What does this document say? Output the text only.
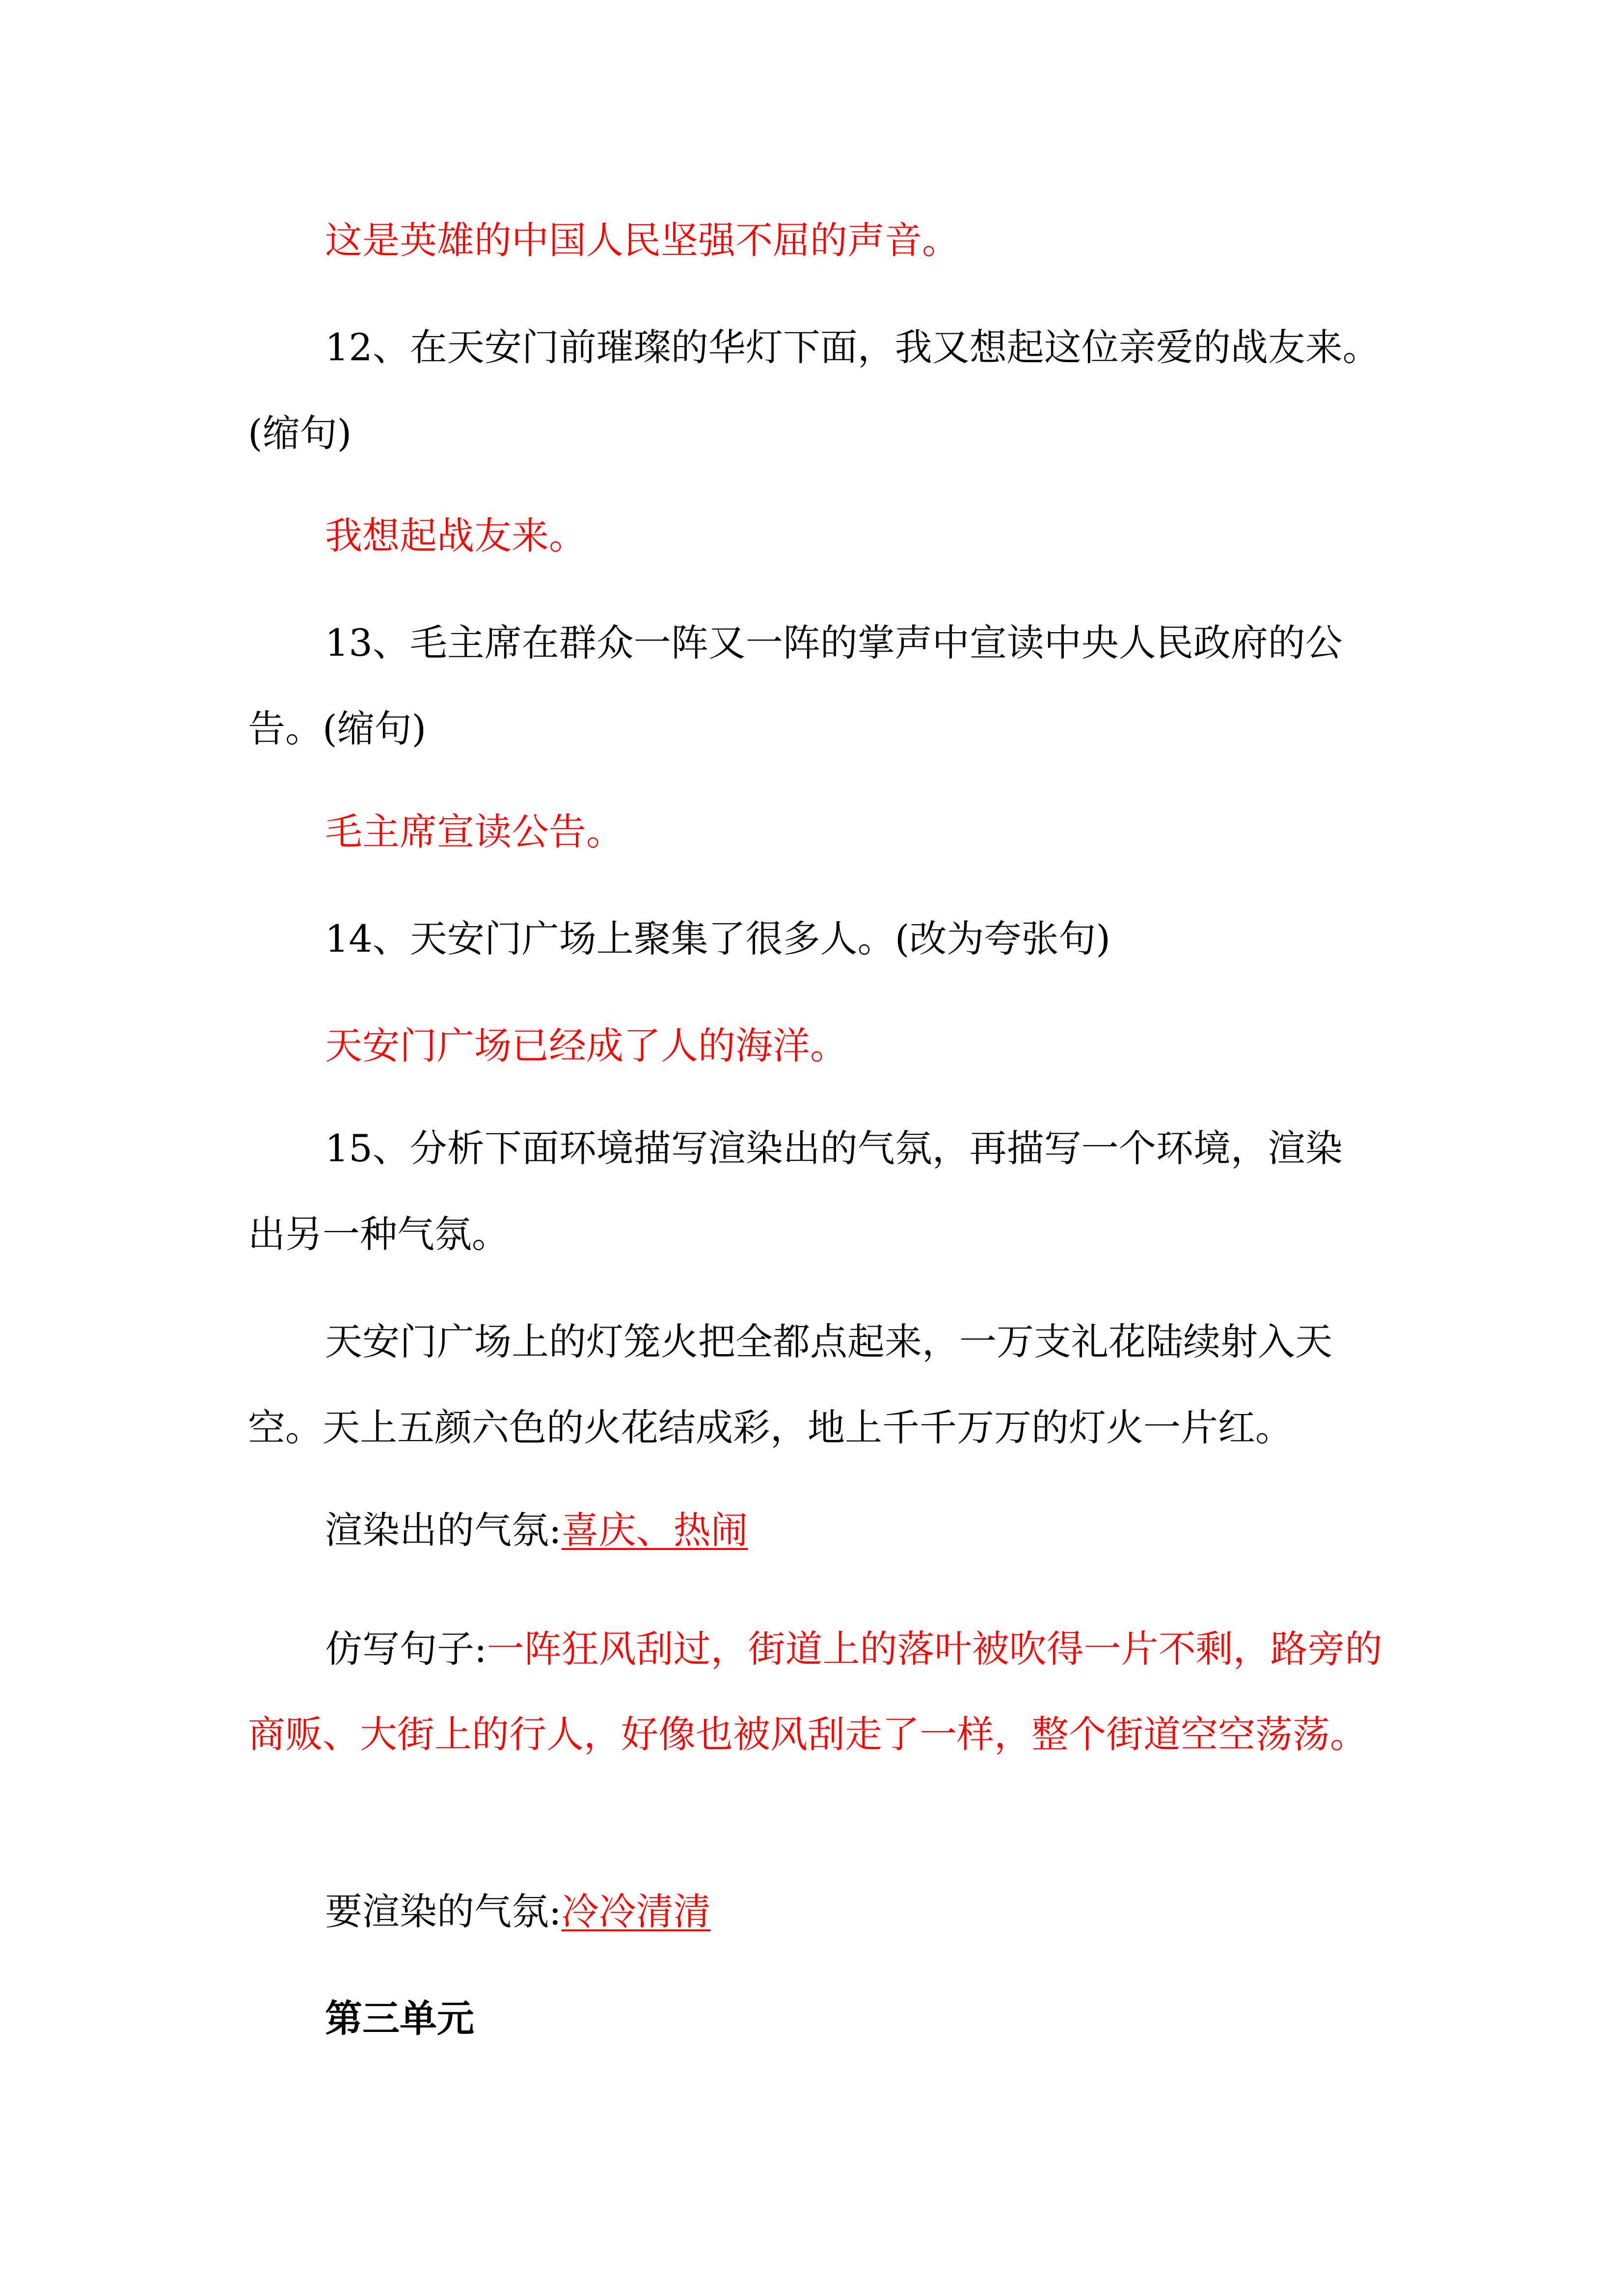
这是英雄的中国人民坚强不屈的声音。
12、在天安门前璀璨的华灯下面，我又想起这位亲爱的战友来。
(缩句)
我想起战友来。
13、毛主席在群众一阵又一阵的掌声中宣读中央人民政府的公
告。(缩句)
毛主席宣读公告。
14、天安门广场上聚集了很多人。(改为夸张句)
天安门广场已经成了人的海洋。
15、分析下面环境描写渲染出的气氛，再描写一个环境，渲染
出另一种气氛。
天安门广场上的灯笼火把全都点起来，一万支礼花陆续射入天
空。天上五颜六色的火花结成彩，地上千千万万的灯火一片红。
渲染出的气氛:喜庆、热闹
仿写句子:一阵狂风刮过，街道上的落叶被吹得一片不剩，路旁的商贩、大街上的行人，好像也被风刮走了一样，整个街道空空荡荡。
要渲染的气氛:冷冷清清
第三单元
